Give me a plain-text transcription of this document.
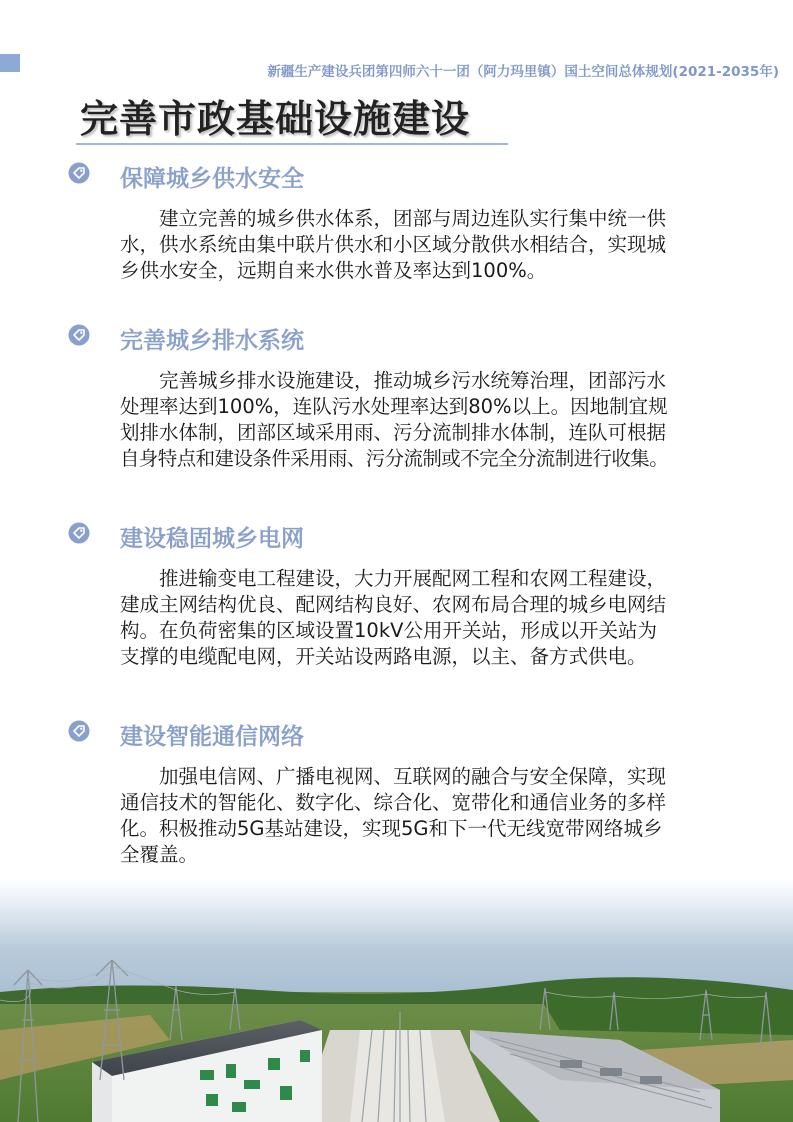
新疆生产建设兵团第四师六十一团（阿力玛里镇）国土空间总体规划(2021-2035年)
完善市政基础设施建设
保障城乡供水安全

建立完善的城乡供水体系，团部与周边连队实行集中统一供
水，供水系统由集中联片供水和小区域分散供水相结合，实现城
乡供水安全，远期自来水供水普及率达到100%。

完善城乡排水系统

完善城乡排水设施建设，推动城乡污水统筹治理，团部污水
处理率达到100%，连队污水处理率达到80%以上。因地制宜规
划排水体制，团部区域采用雨、污分流制排水体制，连队可根据
自身特点和建设条件采用雨、污分流制或不完全分流制进行收集。

建设稳固城乡电网

推进输变电工程建设，大力开展配网工程和农网工程建设，
建成主网结构优良、配网结构良好、农网布局合理的城乡电网结
构。在负荷密集的区域设置10kV公用开关站，形成以开关站为
支撑的电缆配电网，开关站设两路电源，以主、备方式供电。

建设智能通信网络

加强电信网、广播电视网、互联网的融合与安全保障，实现
通信技术的智能化、数字化、综合化、宽带化和通信业务的多样
化。积极推动5G基站建设，实现5G和下一代无线宽带网络城乡
全覆盖。
